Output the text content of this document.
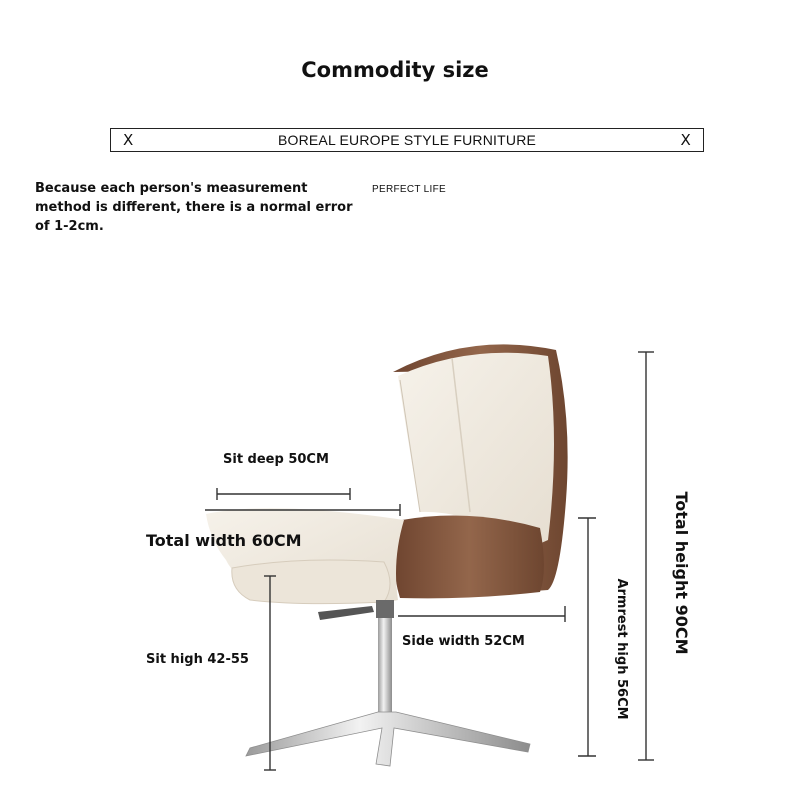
Commodity size
X	BOREAL EUROPE STYLE FURNITURE	X
Because each person's measurement method is different, there is a normal error of 1-2cm.
PERFECT LIFE
Sit deep 50CM
Total width 60CM
Side width 52CM
Sit high 42-55	Armrest high 56CM	Total height 90CM
